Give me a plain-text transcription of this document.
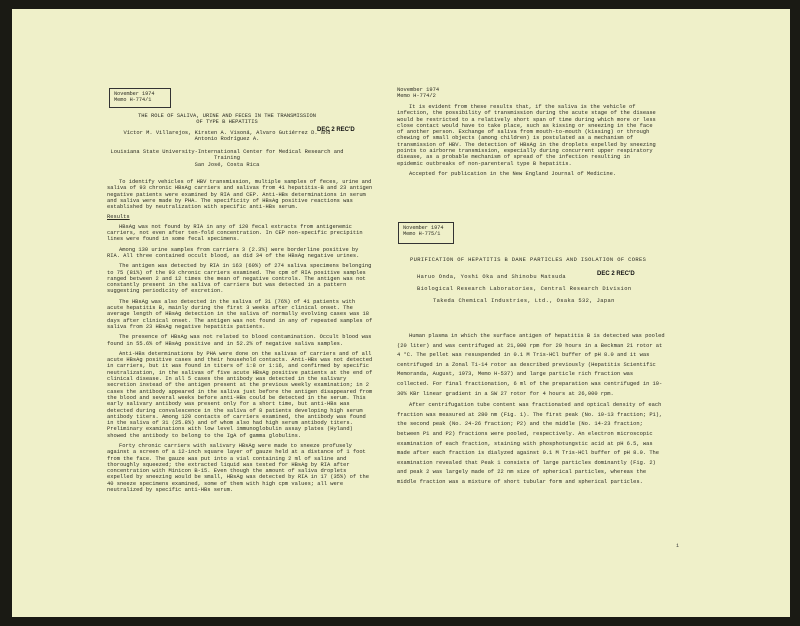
November 1974
Memo H-774/1
THE ROLE OF SALIVA, URINE AND FECES IN THE TRANSMISSION
OF TYPE B HEPATITIS
DEC 2 REC'D
Víctor M. Villarejos, Kirsten A. Visoná, Alvaro Gutiérrez D. and
Antonio Rodríguez A.
Louisiana State University-International Center for Medical Research and
Training
San José, Costa Rica

To identify vehicles of HBV transmission, multiple samples of feces, urine and saliva of 93 chronic HBsAg carriers and salivas from 41 hepatitis-B and 23 antigen negative patients were examined by RIA and CEP. Anti-HBs determinations in serum and saliva were made by PHA. The specificity of HBsAg positive reactions was established by neutralization with specific anti-HBs serum.

Results

HBsAg was not found by RIA in any of 120 fecal extracts from antigenemic carriers, not even after ten-fold concentration. In CEP non-specific precipitin lines were found in some fecal specimens.

Among 130 urine samples from carriers 3 (2.3%) were borderline positive by RIA. All three contained occult blood, as did 34 of the HBsAg negative urines.

The antigen was detected by RIA in 163 (60%) of 274 saliva specimens belonging to 75 (81%) of the 93 chronic carriers examined. The cpm of RIA positive samples ranged between 2 and 12 times the mean of negative controls. The antigen was not constantly present in the saliva of carriers but was detected in a pattern suggesting periodicity of excretion.

The HBsAg was also detected in the saliva of 31 (76%) of 41 patients with acute hepatitis B, mainly during the first 3 weeks after clinical onset. The average length of HBsAg detection in the saliva of normally evolving cases was 18 days after clinical onset. The antigen was not found in any of repeated samples of saliva from 23 HBsAg negative hepatitis patients.

The presence of HBsAg was not related to blood contamination. Occult blood was found in 55.6% of HBsAg positive and in 52.2% of negative saliva samples.

Anti-HBs determinations by PHA were done on the salivas of carriers and of all acute HBsAg positive cases and their household contacts. Anti-HBs was not detected in carriers, but it was found in titers of 1:8 or 1:16, and confirmed by specific neutralization, in the salivas of five acute HBsAg positive patients at the end of clinical disease. In all 5 cases the antibody was detected in the salivary secretion instead of the antigen present at the previous weekly examination; in 2 cases the antibody appeared in the saliva just before the antigen disappeared from the blood and several weeks before anti-HBs could be detected in the serum. This early salivary antibody was present only for a short time, but anti-HBs was detected during convalescence in the saliva of 8 patients developing high serum antibody titers. Among 120 contacts of carriers examined, the antibody was found in the saliva of 31 (25.8%) and of whom also had high serum antibody titers. Preliminary examinations with low level immunoglobulin assay plates (Hyland) showed the antibody to belong to the IgA of gamma globulins.

Forty chronic carriers with salivary HBsAg were made to sneeze profusely against a screen of a 12-inch square layer of gauze held at a distance of 1 foot from the face. The gauze was put into a vial containing 2 ml of saline and thoroughly squeezed; the extracted liquid was tested for HBsAg by RIA after concentration with Minicon B-15. Even though the amount of saliva droplets expelled by sneezing would be small, HBsAg was detected by RIA in 17 (35%) of the 40 sneeze specimens examined, some of them with high cpm values; all were neutralized by specific anti-HBs serum.

November 1974
Memo H-774/2

It is evident from these results that, if the saliva is the vehicle of infection, the possibility of transmission during the acute stage of the disease would be restricted to a relatively short span of time during which more or less close contact would have to take place, such as kissing or sneezing in the face of another person. Exchange of saliva from mouth-to-mouth (kissing) or through chewing of small objects (among children) is postulated as a mechanism of transmission of HBV. The detection of HBsAg in the droplets expelled by sneezing points to airborne transmission, especially during concurrent upper respiratory disease, as a probable mechanism of spread of the infection resulting in epidemic outbreaks of non-parenteral type B hepatitis.

Accepted for publication in the New England Journal of Medicine.

November 1974
Memo H-775/1
PURIFICATION OF HEPATITIS B DANE PARTICLES AND ISOLATION OF CORES
Haruo Onda, Yoshi Oka and Shinobu Matsuda	DEC 2 REC'D
Biological Research Laboratories, Central Research Division
Takeda Chemical Industries, Ltd., Osaka 532, Japan

Human plasma in which the surface antigen of hepatitis B is detected was pooled (20 liter) and was centrifuged at 21,000 rpm for 20 hours in a Beckman 21 rotor at 4 °C. The pellet was resuspended in 0.1 M Tris-HCl buffer of pH 8.0 and it was centrifuged in a Zonal Ti-14 rotor as described previously (Hepatitis Scientific Memoranda, August, 1973, Memo H-537) and large particle rich fraction was collected. For final fractionation, 6 ml of the preparation was centrifuged in 10-30% KBr linear gradient in a SW 27 rotor for 4 hours at 26,000 rpm.

After centrifugation tube content was fractionated and optical density of each fraction was measured at 280 nm (Fig. 1). The first peak (No. 10-13 fraction; P1), the second peak (No. 24-26 fraction; P2) and the middle (No. 14-23 fraction; between P1 and P2) fractions were pooled, respectively. An electron microscopic examination of each fraction, staining with phosphotungstic acid at pH 6.5, was made after each fraction is dialyzed against 0.1 M Tris-HCl buffer of pH 8.0. The examination revealed that Peak 1 consists of large particles dominantly (Fig. 2) and peak 2 was largely made of 22 nm size of spherical particles, whereas the middle fraction was a mixture of short tubular form and spherical particles.

i
